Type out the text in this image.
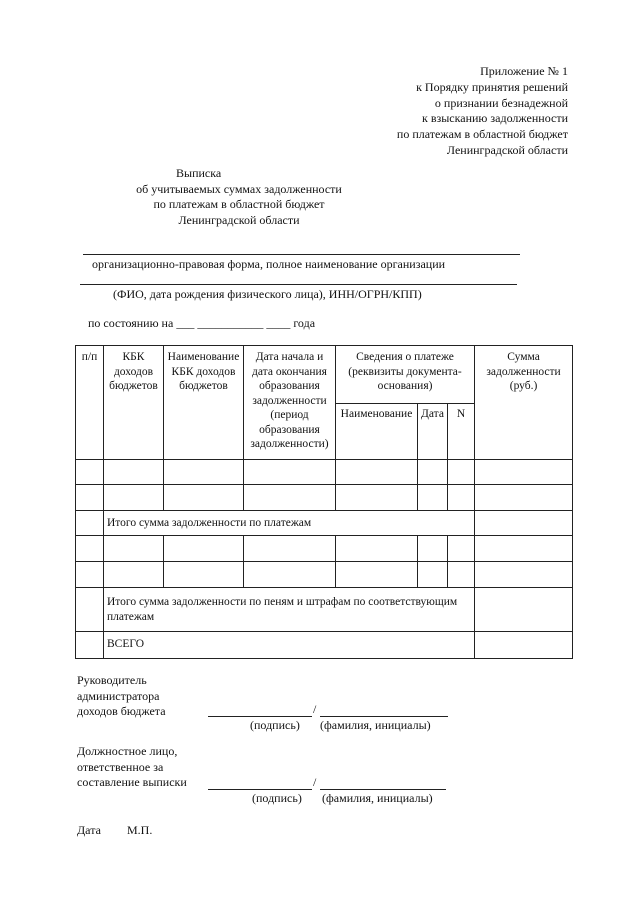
Приложение № 1
к Порядку принятия решений
о признании безнадежной
к взысканию задолженности
по платежам в областной бюджет
Ленинградской области
Выписка
об учитываемых суммах задолженности
по платежам в областной бюджет
Ленинградской области
организационно-правовая форма, полное наименование организации
(ФИО, дата рождения физического лица), ИНН/ОГРН/КПП)
по состоянию на ___ ___________ ____ года
п/п	КБК доходов бюджетов	Наименование КБК доходов бюджетов	Дата начала и дата окончания образования задолженности (период образования задолженности)	Сведения о платеже (реквизиты документа-основания)			Сумма задолженности (руб.)
				Наименование	Дата	N	

	Итого сумма задолженности по платежам						

	Итого сумма задолженности по пеням и штрафам по соответствующим платежам						
	ВСЕГО						
Руководитель
администратора
доходов бюджета	/
(подпись) (фамилия, инициалы)
Должностное лицо,
ответственное за
составление выписки	/
(подпись) (фамилия, инициалы)
Дата М.П.
